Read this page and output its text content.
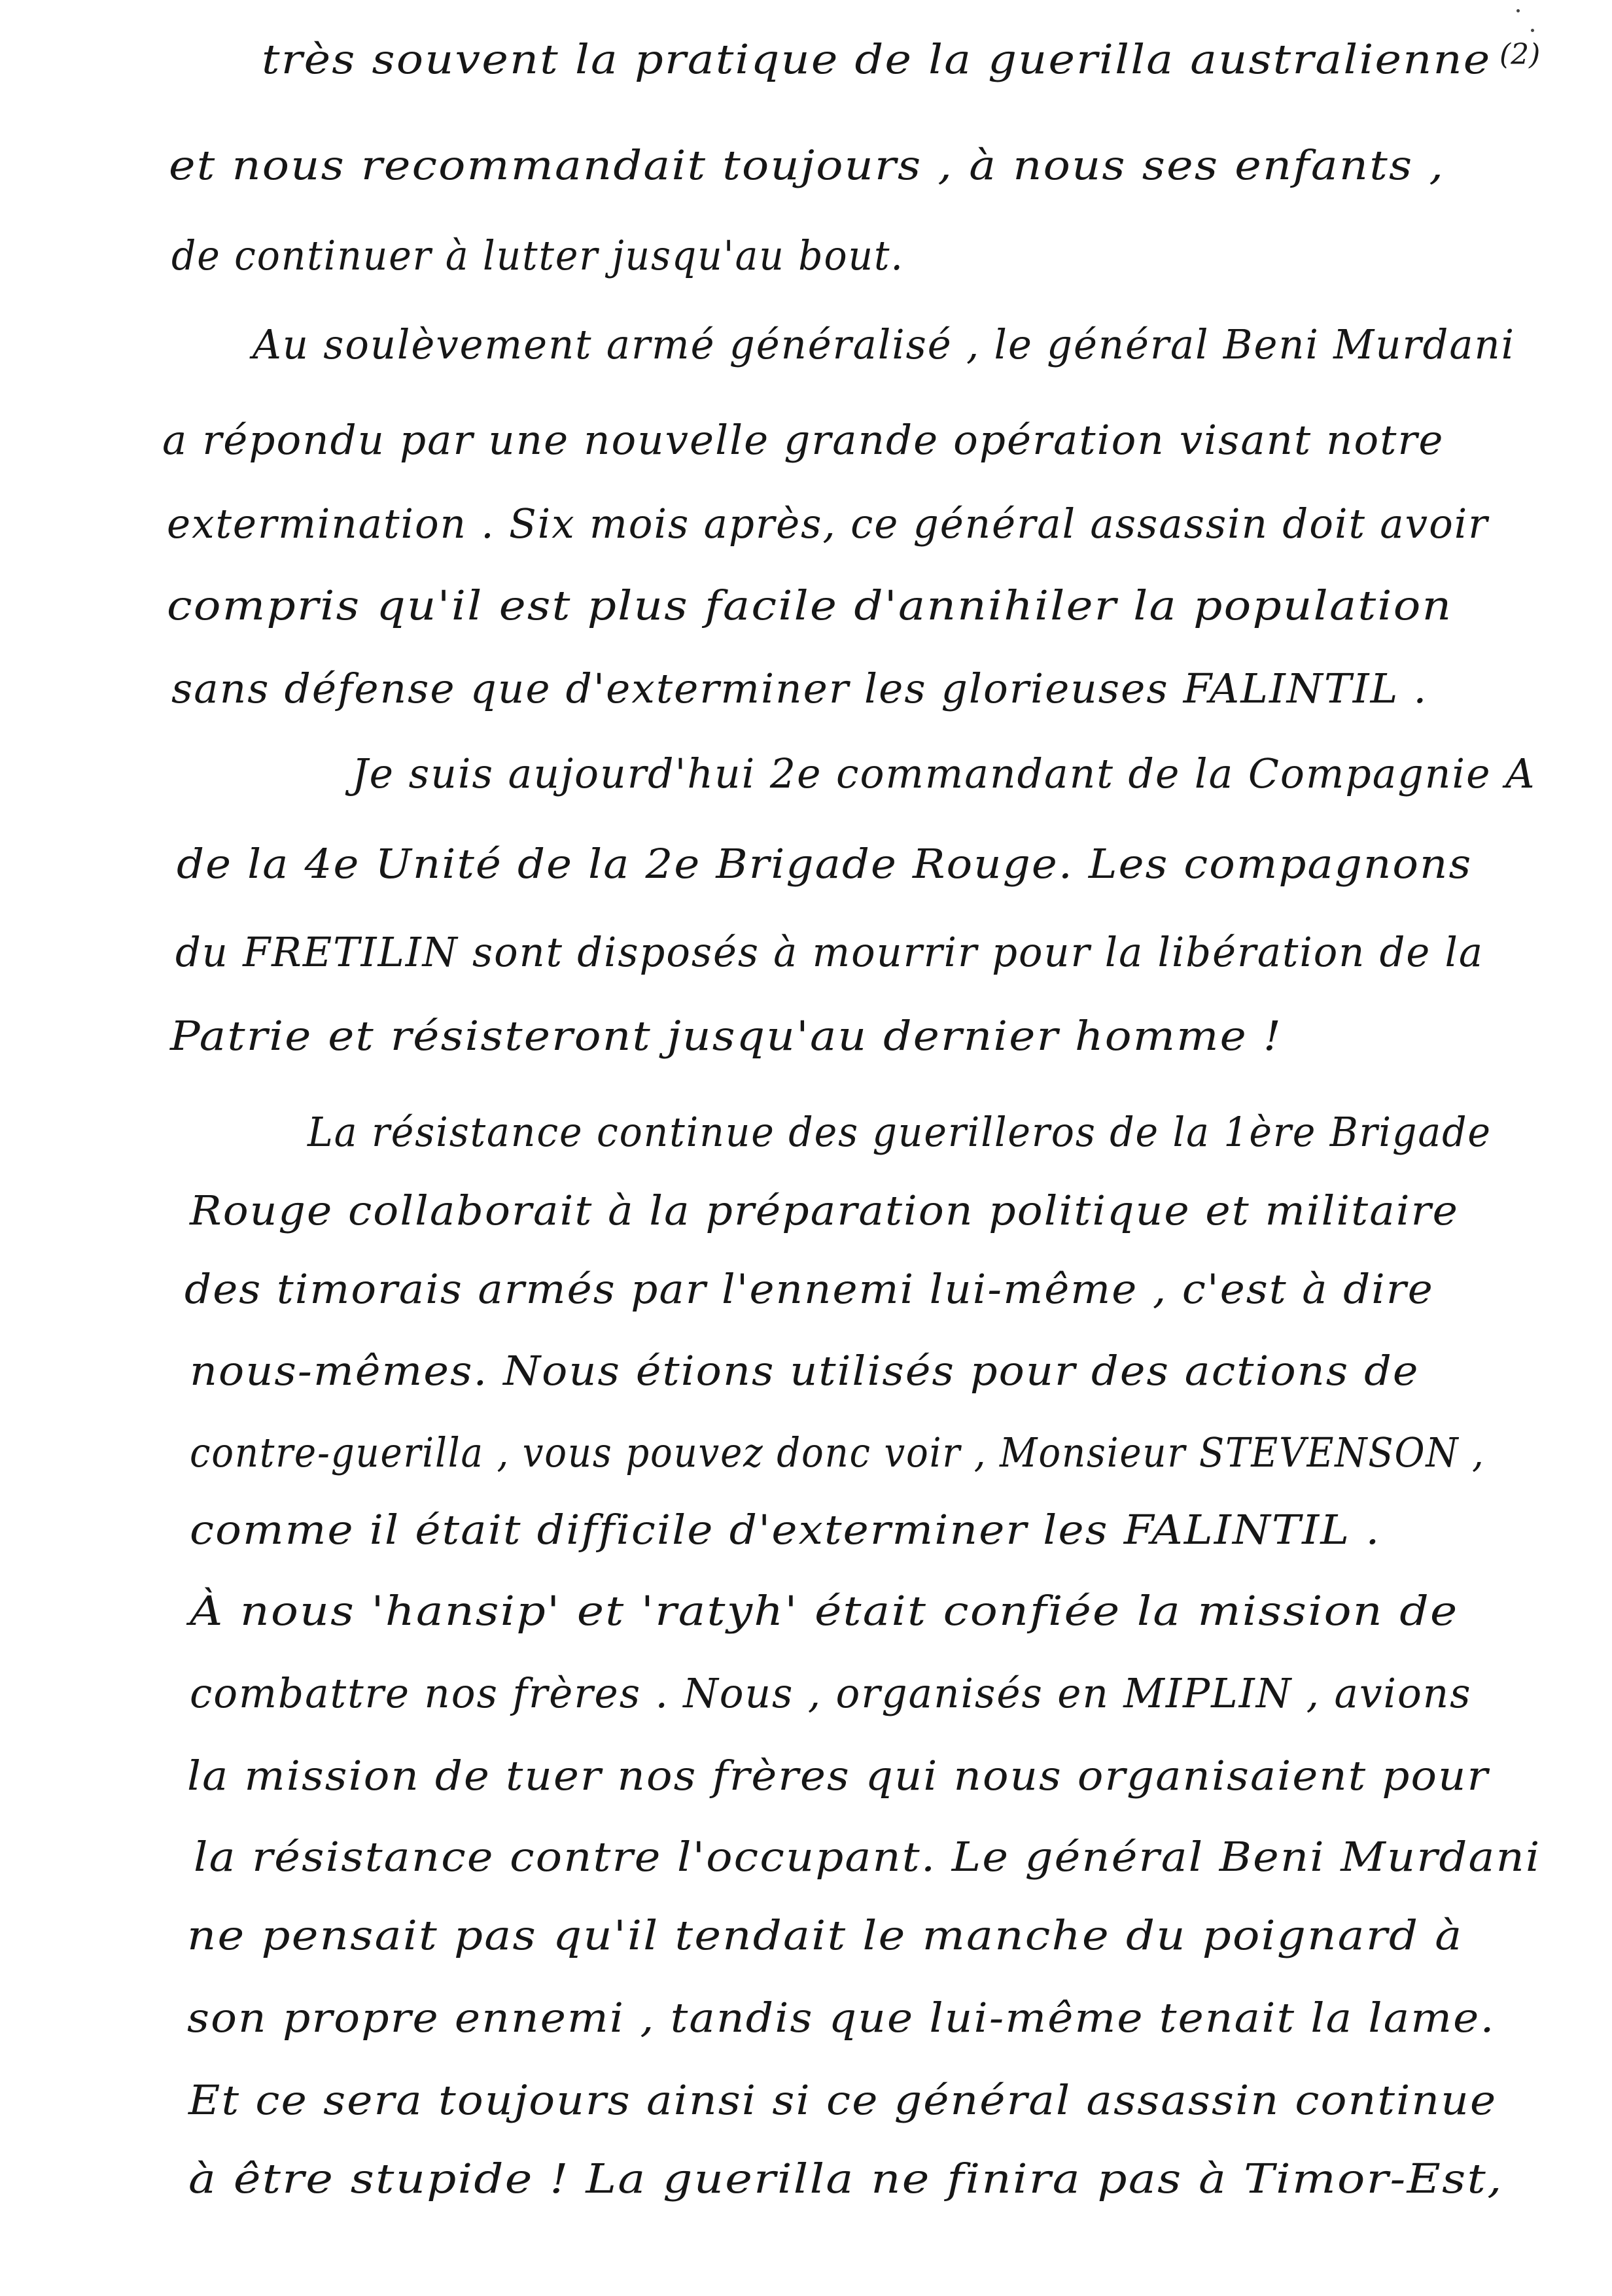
(2)
très souvent la pratique de la guerilla australienne
et nous recommandait toujours , à nous ses enfants ,
de continuer à lutter jusqu'au bout.
Au soulèvement armé généralisé , le général Beni Murdani
a répondu par une nouvelle grande opération visant notre
extermination . Six mois après, ce général assassin doit avoir
compris qu'il est plus facile d'annihiler la population
sans défense que d'exterminer les glorieuses FALINTIL .
Je suis aujourd'hui 2e commandant de la Compagnie A
de la 4e Unité de la 2e Brigade Rouge. Les compagnons
du FRETILIN sont disposés à mourrir pour la libération de la
Patrie et résisteront jusqu'au dernier homme !
La résistance continue des guerilleros de la 1ère Brigade
Rouge collaborait à la préparation politique et militaire
des timorais armés par l'ennemi lui-même , c'est à dire
nous-mêmes. Nous étions utilisés pour des actions de
contre-guerilla , vous pouvez donc voir , Monsieur STEVENSON ,
comme il était difficile d'exterminer les FALINTIL .
À nous 'hansip' et 'ratyh' était confiée la mission de
combattre nos frères . Nous , organisés en MIPLIN , avions
la mission de tuer nos frères qui nous organisaient pour
la résistance contre l'occupant. Le général Beni Murdani
ne pensait pas qu'il tendait le manche du poignard à
son propre ennemi , tandis que lui-même tenait la lame.
Et ce sera toujours ainsi si ce général assassin continue
à être stupide ! La guerilla ne finira pas à Timor-Est,
